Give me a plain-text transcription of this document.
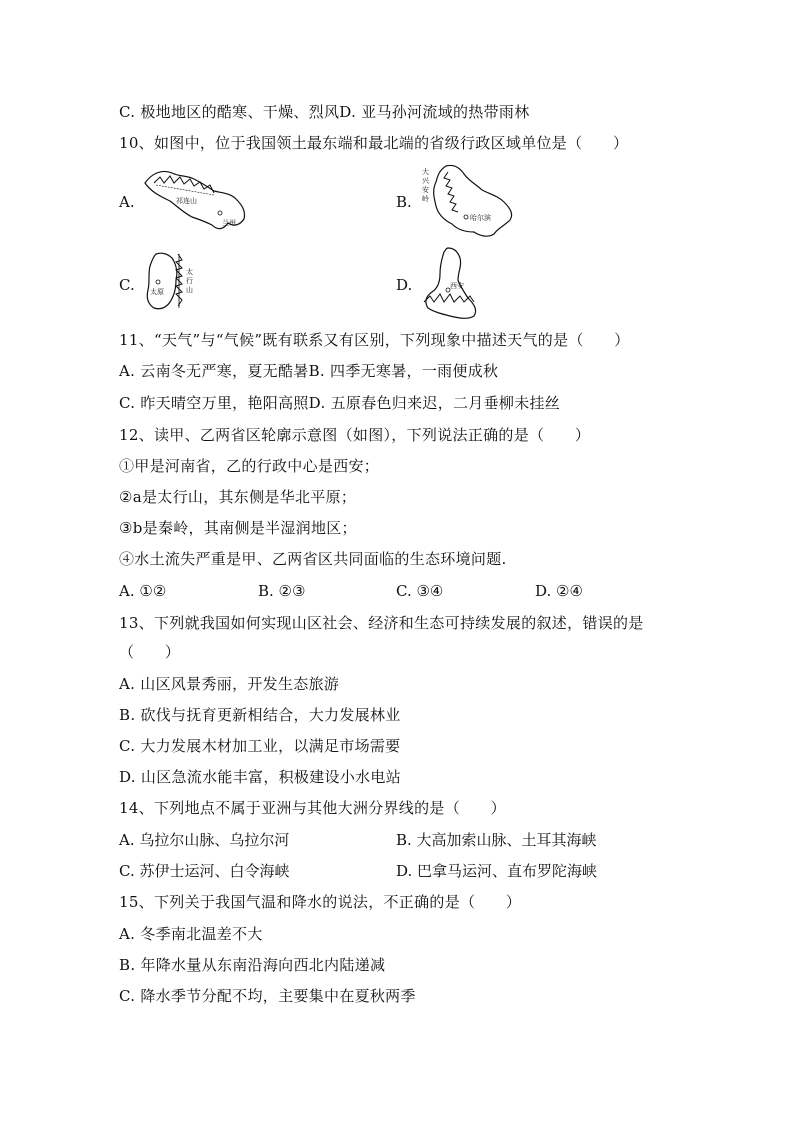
C. 极地地区的酷寒、干燥、烈风D. 亚马孙河流域的热带雨林
10、如图中，位于我国领土最东端和最北端的省级行政区域单位是（　　）
A.	B.
C.	D.
祁连山
兰州
大
兴
安
岭
哈尔滨
太原
太
行
山	西安
11、“天气”与“气候”既有联系又有区别，下列现象中描述天气的是（　　）
A. 云南冬无严寒，夏无酷暑B. 四季无寒暑，一雨便成秋
C. 昨天晴空万里，艳阳高照D. 五原春色归来迟，二月垂柳未挂丝
12、读甲、乙两省区轮廓示意图（如图），下列说法正确的是（　　）
①甲是河南省，乙的行政中心是西安；
②a是太行山，其东侧是华北平原；
③b是秦岭，其南侧是半湿润地区；
④水土流失严重是甲、乙两省区共同面临的生态环境问题.
A. ①②	B. ②③	C. ③④	D. ②④
13、下列就我国如何实现山区社会、经济和生态可持续发展的叙述，错误的是
（　　）
A. 山区风景秀丽，开发生态旅游
B. 砍伐与抚育更新相结合，大力发展林业
C. 大力发展木材加工业，以满足市场需要
D. 山区急流水能丰富，积极建设小水电站
14、下列地点不属于亚洲与其他大洲分界线的是（　　）
A. 乌拉尔山脉、乌拉尔河	B. 大高加索山脉、土耳其海峡
C. 苏伊士运河、白令海峡	D. 巴拿马运河、直布罗陀海峡
15、下列关于我国气温和降水的说法，不正确的是（　　）
A. 冬季南北温差不大
B. 年降水量从东南沿海向西北内陆递减
C. 降水季节分配不均，主要集中在夏秋两季
